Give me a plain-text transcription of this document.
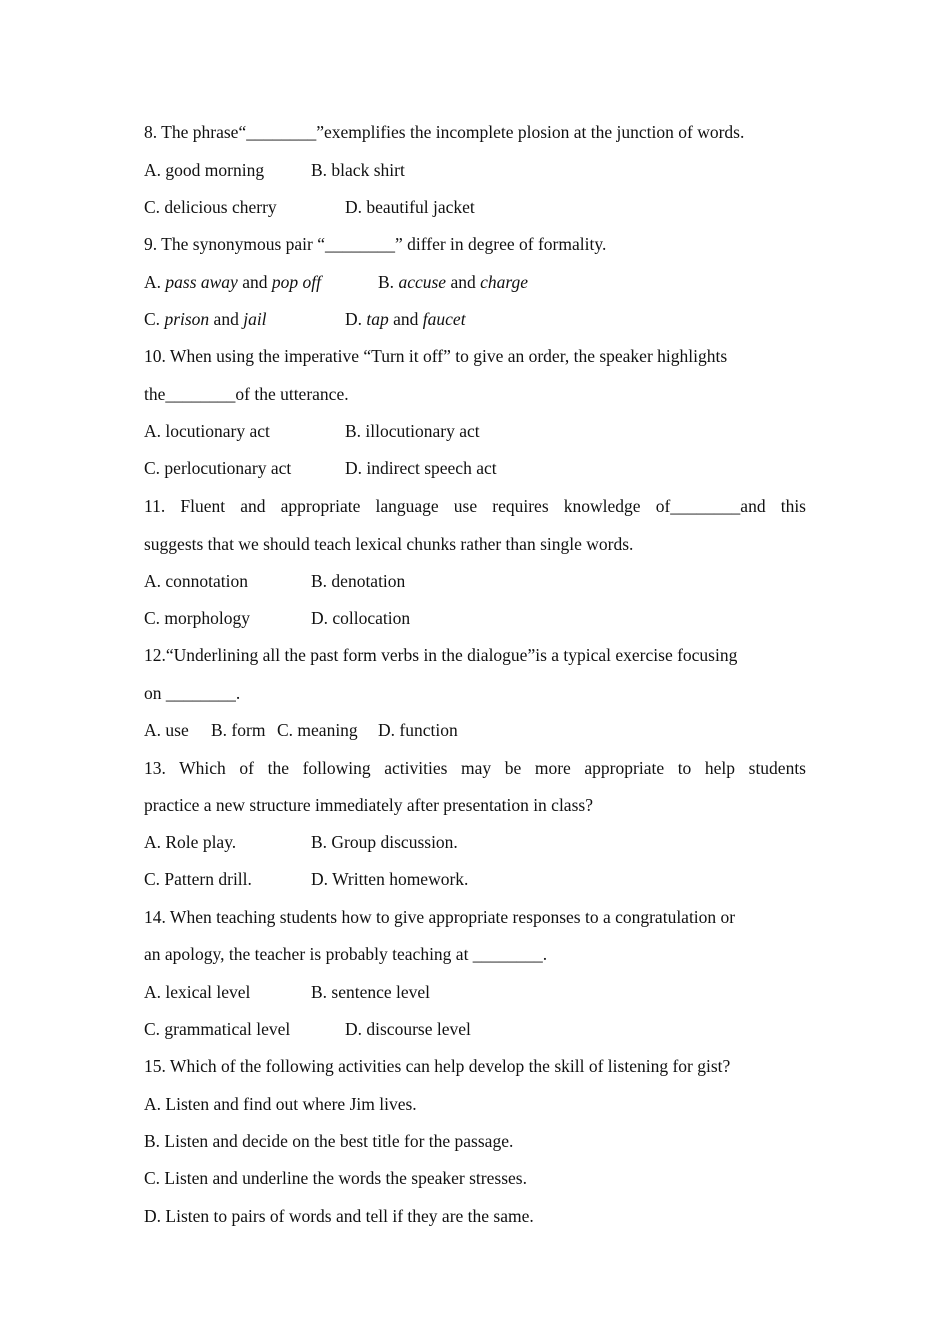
8. The phrase“________”exemplifies the incomplete plosion at the junction of words.
A. good morning	B. black shirt
C. delicious cherry	D. beautiful jacket
9. The synonymous pair “________” differ in degree of formality.
A. pass away and pop off	B. accuse and charge
C. prison and jail	D. tap and faucet
10. When using the imperative “Turn it off” to give an order, the speaker highlights
the________of the utterance.
A. locutionary act	B. illocutionary act
C. perlocutionary act	D. indirect speech act
11. Fluent and appropriate language use requires knowledge of________and this
suggests that we should teach lexical chunks rather than single words.
A. connotation	B. denotation
C. morphology	D. collocation
12.“Underlining all the past form verbs in the dialogue”is a typical exercise focusing
on ________.
A. use B. form C. meaning D. function
13. Which of the following activities may be more appropriate to help students
practice a new structure immediately after presentation in class?
A. Role play.	B. Group discussion.
C. Pattern drill.	D. Written homework.
14. When teaching students how to give appropriate responses to a congratulation or
an apology, the teacher is probably teaching at ________.
A. lexical level	B. sentence level
C. grammatical level	D. discourse level
15. Which of the following activities can help develop the skill of listening for gist?
A. Listen and find out where Jim lives.
B. Listen and decide on the best title for the passage.
C. Listen and underline the words the speaker stresses.
D. Listen to pairs of words and tell if they are the same.
